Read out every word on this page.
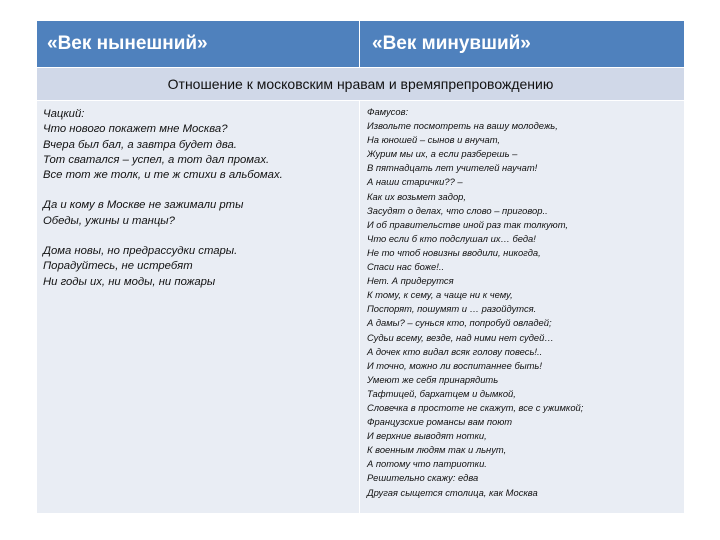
«Век нынешний»	«Век минувший»
Отношение к московским нравам и времяпрепровождению
Чацкий:
Что нового покажет мне Москва?
Вчера был бал, а завтра будет два.
Тот сватался – успел, а тот дал промах.
Все тот же толк, и те ж стихи в альбомах.
Да и кому в Москве не зажимали рты
Обеды, ужины и танцы?
Дома новы, но предрассудки стары.
Порадуйтесь, не истребят
Ни годы их, ни моды, ни пожары
Фамусов:
Извольте посмотреть на вашу молодежь,
На юношей – сынов и внучат,
Журим мы их, а если разберешь –
В пятнадцать лет учителей научат!
А наши старички?? –
Как их возьмет задор,
Засудят о делах, что слово – приговор..
И об правительстве иной раз так толкуют,
Что если б кто подслушал их… беда!
Не то чтоб новизны вводили, никогда,
Спаси нас боже!..
Нет. А придерутся
К тому, к сему, а чаще ни к чему,
Поспорят, пошумят и … разойдутся.
А дамы? – сунься кто, попробуй овладей;
Судьи всему, везде, над ними нет судей…
А дочек кто видал всяк голову повесь!..
И точно, можно ли воспитаннее быть!
Умеют же себя принарядить
Тафтицей, бархатцем и дымкой,
Словечка в простоте не скажут, все с ужимкой;
Французские романсы вам поют
И верхние выводят нотки,
К военным людям так и льнут,
А потому что патриотки.
Решительно скажу: едва
Другая сыщется столица, как Москва
